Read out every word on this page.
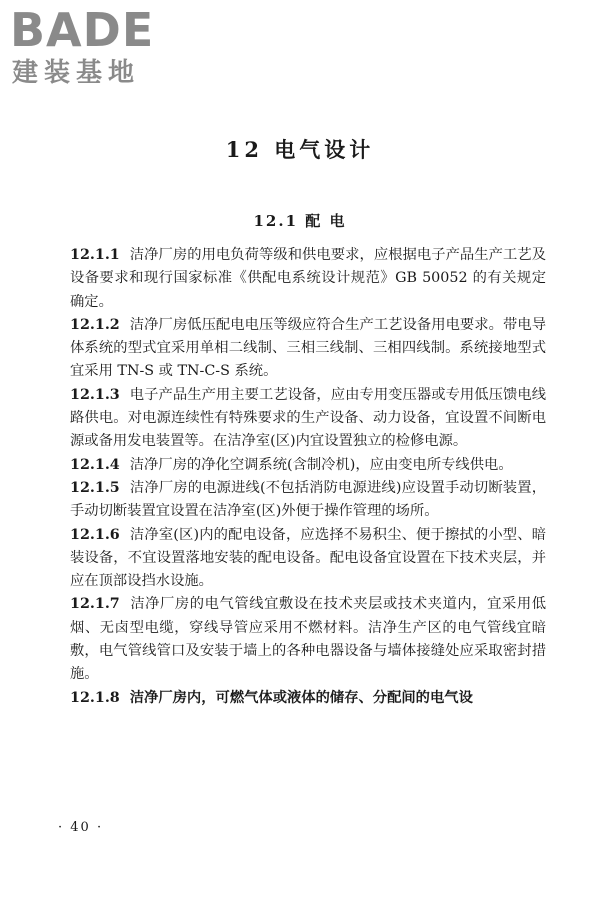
BADE
建装基地
12 电气设计
12.1 配 电

12.1.1 洁净厂房的用电负荷等级和供电要求，应根据电子产品生产工艺及设备要求和现行国家标准《供配电系统设计规范》GB 50052 的有关规定确定。

12.1.2 洁净厂房低压配电电压等级应符合生产工艺设备用电要求。带电导体系统的型式宜采用单相二线制、三相三线制、三相四线制。系统接地型式宜采用 TN-S 或 TN-C-S 系统。

12.1.3 电子产品生产用主要工艺设备，应由专用变压器或专用低压馈电线路供电。对电源连续性有特殊要求的生产设备、动力设备，宜设置不间断电源或备用发电装置等。在洁净室(区)内宜设置独立的检修电源。

12.1.4 洁净厂房的净化空调系统(含制冷机)，应由变电所专线供电。

12.1.5 洁净厂房的电源进线(不包括消防电源进线)应设置手动切断装置，手动切断装置宜设置在洁净室(区)外便于操作管理的场所。

12.1.6 洁净室(区)内的配电设备，应选择不易积尘、便于擦拭的小型、暗装设备，不宜设置落地安装的配电设备。配电设备宜设置在下技术夹层，并应在顶部设挡水设施。

12.1.7 洁净厂房的电气管线宜敷设在技术夹层或技术夹道内，宜采用低烟、无卤型电缆，穿线导管应采用不燃材料。洁净生产区的电气管线宜暗敷，电气管线管口及安装于墙上的各种电器设备与墙体接缝处应采取密封措施。

12.1.8 洁净厂房内，可燃气体或液体的储存、分配间的电气设

· 40 ·
